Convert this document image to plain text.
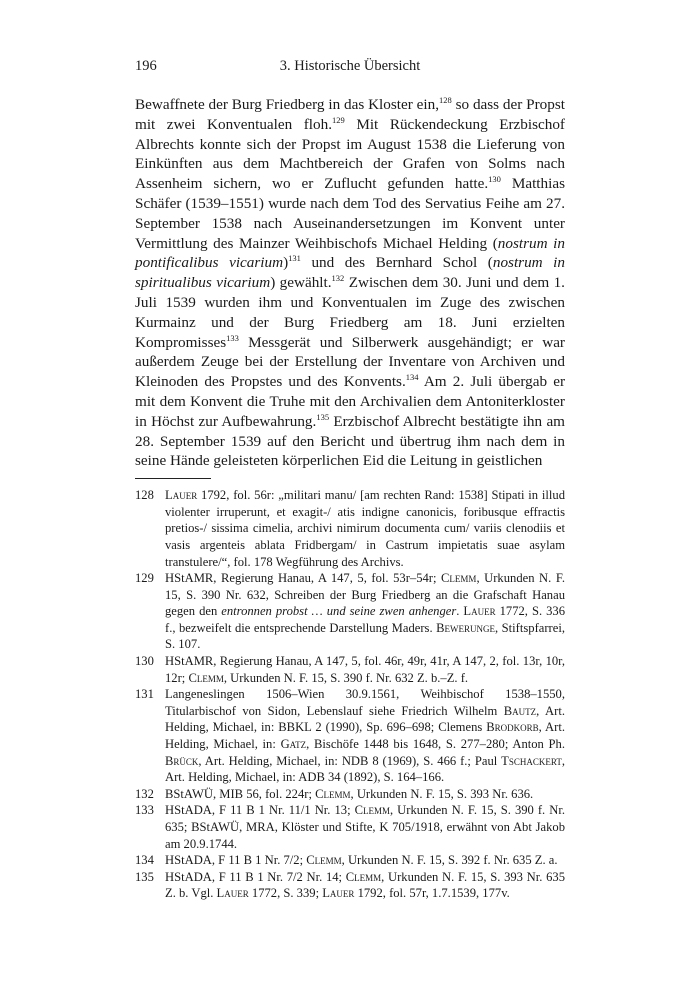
196	3. Historische Übersicht
Bewaffnete der Burg Friedberg in das Kloster ein,$^{128}$ so dass der Propst mit zwei Konventualen floh.$^{129}$ Mit Rückendeckung Erzbischof Albrechts konnte sich der Propst im August 1538 die Lieferung von Einkünften aus dem Machtbereich der Grafen von Solms nach Assenheim sichern, wo er Zuflucht gefunden hatte.$^{130}$ Matthias Schäfer (1539–1551) wurde nach dem Tod des Servatius Feihe am 27. September 1538 nach Auseinandersetzungen im Konvent unter Vermittlung des Mainzer Weihbischofs Michael Helding (nostrum in pontificalibus vicarium)$^{131}$ und des Bernhard Schol (nostrum in spiritualibus vicarium) gewählt.$^{132}$ Zwischen dem 30. Juni und dem 1. Juli 1539 wurden ihm und Konventualen im Zuge des zwischen Kurmainz und der Burg Friedberg am 18. Juni erzielten Kompromisses$^{133}$ Messgerät und Silberwerk ausgehändigt; er war außerdem Zeuge bei der Erstellung der Inventare von Archiven und Kleinoden des Propstes und des Konvents.$^{134}$ Am 2. Juli übergab er mit dem Konvent die Truhe mit den Archivalien dem Antoniterkloster in Höchst zur Aufbewahrung.$^{135}$ Erzbischof Albrecht bestätigte ihn am 28. September 1539 auf den Bericht und übertrug ihm nach dem in seine Hände geleisteten körperlichen Eid die Leitung in geistlichen
128 Lauer 1792, fol. 56r: „militari manu/ [am rechten Rand: 1538] Stipati in illud violenter irruperunt, et exagit-/ atis indigne canonicis, foribusque effractis pretios-/ sissima cimelia, archivi nimirum documenta cum/ variis clenodiis et vasis argenteis ablata Fridbergam/ in Castrum impietatis suae asylam transtulere/“, fol. 178 Wegführung des Archivs.
129 HStAMR, Regierung Hanau, A 147, 5, fol. 53r–54r; Clemm, Urkunden N. F. 15, S. 390 Nr. 632, Schreiben der Burg Friedberg an die Grafschaft Hanau gegen den entronnen probst … und seine zwen anhenger. Lauer 1772, S. 336 f., bezweifelt die entsprechende Darstellung Maders. Bewerunge, Stiftspfarrei, S. 107.
130 HStAMR, Regierung Hanau, A 147, 5, fol. 46r, 49r, 41r, A 147, 2, fol. 13r, 10r, 12r; Clemm, Urkunden N. F. 15, S. 390 f. Nr. 632 Z. b.–Z. f.
131 Langeneslingen 1506–Wien 30.9.1561, Weihbischof 1538–1550, Titularbischof von Sidon, Lebenslauf siehe Friedrich Wilhelm Bautz, Art. Helding, Michael, in: BBKL 2 (1990), Sp. 696–698; Clemens Brodkorb, Art. Helding, Michael, in: Gatz, Bischöfe 1448 bis 1648, S. 277–280; Anton Ph. Brück, Art. Helding, Michael, in: NDB 8 (1969), S. 466 f.; Paul Tschackert, Art. Helding, Michael, in: ADB 34 (1892), S. 164–166.
132 BStAWÜ, MIB 56, fol. 224r; Clemm, Urkunden N. F. 15, S. 393 Nr. 636.
133 HStADA, F 11 B 1 Nr. 11/1 Nr. 13; Clemm, Urkunden N. F. 15, S. 390 f. Nr. 635; BStAWÜ, MRA, Klöster und Stifte, K 705/1918, erwähnt von Abt Jakob am 20.9.1744.
134 HStADA, F 11 B 1 Nr. 7/2; Clemm, Urkunden N. F. 15, S. 392 f. Nr. 635 Z. a.
135 HStADA, F 11 B 1 Nr. 7/2 Nr. 14; Clemm, Urkunden N. F. 15, S. 393 Nr. 635 Z. b. Vgl. Lauer 1772, S. 339; Lauer 1792, fol. 57r, 1.7.1539, 177v.
